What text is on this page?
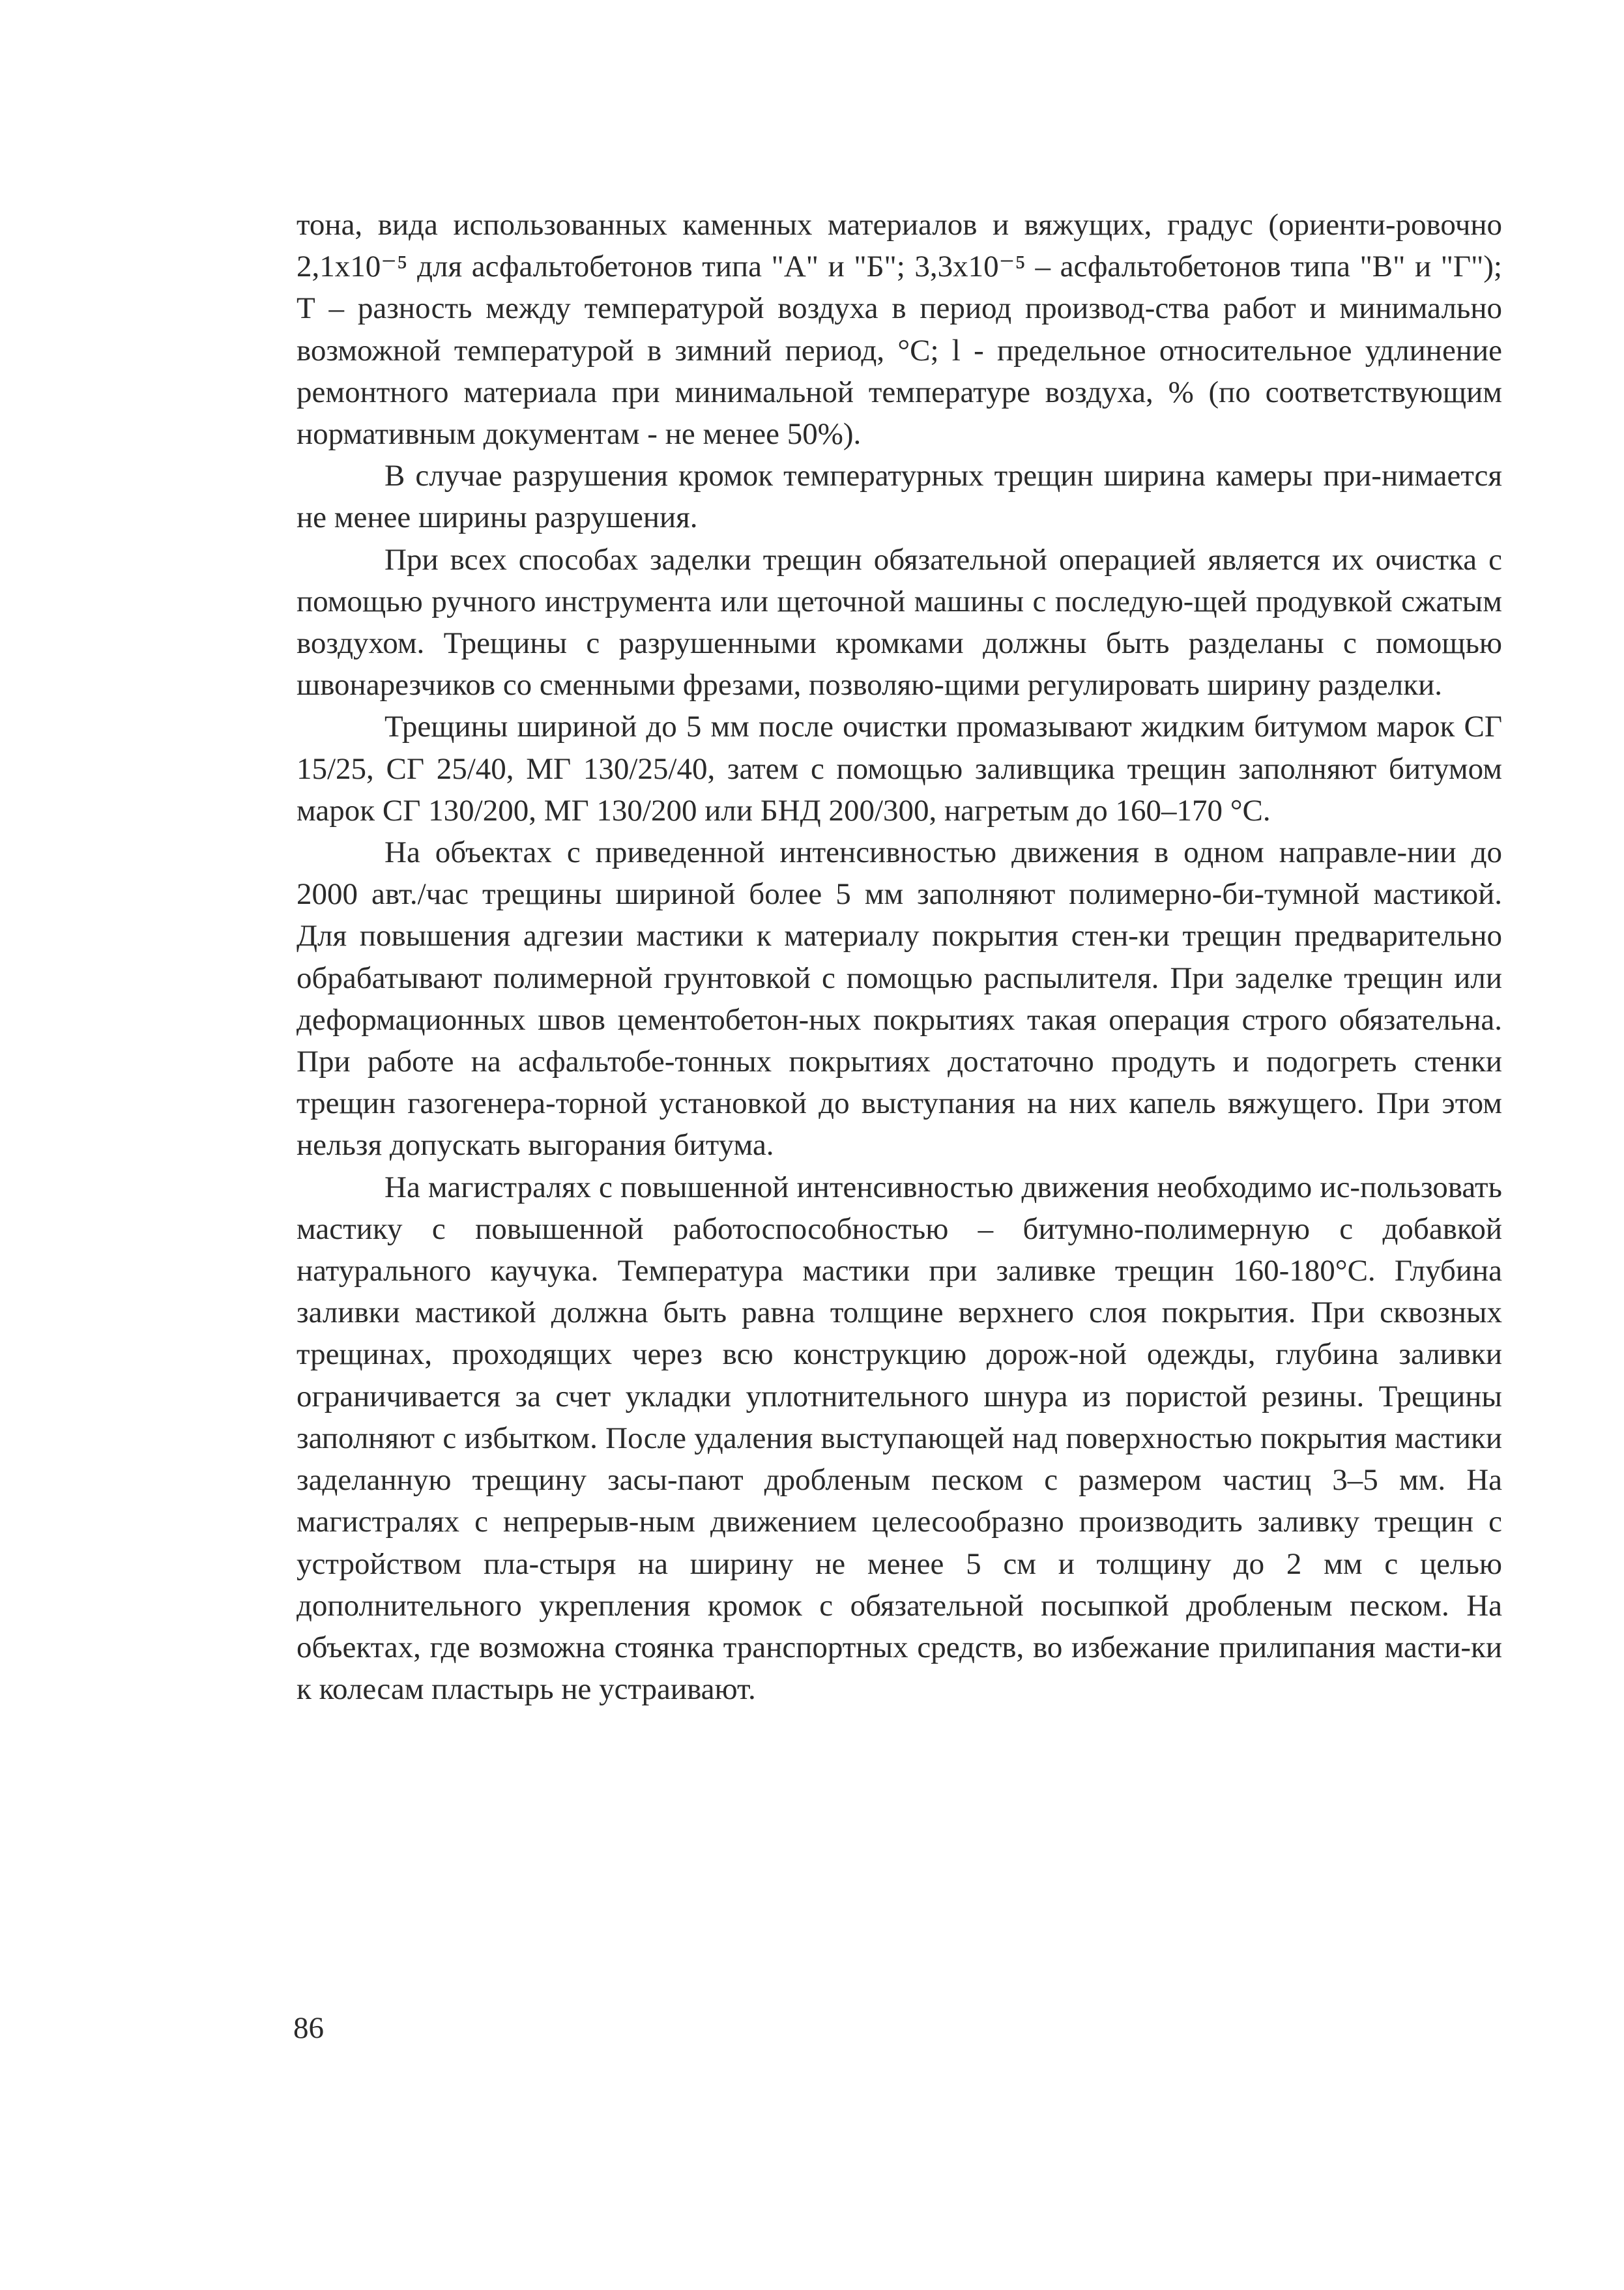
тона, вида использованных каменных материалов и вяжущих, градус (ориенти-ровочно 2,1х10⁻⁵ для асфальтобетонов типа "А" и "Б"; 3,3х10⁻⁵ – асфальтобетонов типа "В" и "Г"); Т – разность между температурой воздуха в период производ-ства работ и минимально возможной температурой в зимний период, °С; l - предельное относительное удлинение ремонтного материала при минимальной температуре воздуха, % (по соответствующим нормативным документам - не менее 50%).

В случае разрушения кромок температурных трещин ширина камеры при-нимается не менее ширины разрушения.

При всех способах заделки трещин обязательной операцией является их очистка с помощью ручного инструмента или щеточной машины с последую-щей продувкой сжатым воздухом. Трещины с разрушенными кромками должны быть разделаны с помощью швонарезчиков со сменными фрезами, позволяю-щими регулировать ширину разделки.

Трещины шириной до 5 мм после очистки промазывают жидким битумом марок СГ 15/25, СГ 25/40, МГ 130/25/40, затем с помощью заливщика трещин заполняют битумом марок СГ 130/200, МГ 130/200 или БНД 200/300, нагретым до 160–170 °С.

На объектах с приведенной интенсивностью движения в одном направле-нии до 2000 авт./час трещины шириной более 5 мм заполняют полимерно-би-тумной мастикой. Для повышения адгезии мастики к материалу покрытия стен-ки трещин предварительно обрабатывают полимерной грунтовкой с помощью распылителя. При заделке трещин или деформационных швов цементобетон-ных покрытиях такая операция строго обязательна. При работе на асфальтобе-тонных покрытиях достаточно продуть и подогреть стенки трещин газогенера-торной установкой до выступания на них капель вяжущего. При этом нельзя допускать выгорания битума.

На магистралях с повышенной интенсивностью движения необходимо ис-пользовать мастику с повышенной работоспособностью – битумно-полимерную с добавкой натурального каучука. Температура мастики при заливке трещин 160-180°С. Глубина заливки мастикой должна быть равна толщине верхнего слоя покрытия. При сквозных трещинах, проходящих через всю конструкцию дорож-ной одежды, глубина заливки ограничивается за счет укладки уплотнительного шнура из пористой резины. Трещины заполняют с избытком. После удаления выступающей над поверхностью покрытия мастики заделанную трещину засы-пают дробленым песком с размером частиц 3–5 мм. На магистралях с непрерыв-ным движением целесообразно производить заливку трещин с устройством пла-стыря на ширину не менее 5 см и толщину до 2 мм с целью дополнительного укрепления кромок с обязательной посыпкой дробленым песком. На объектах, где возможна стоянка транспортных средств, во избежание прилипания масти-ки к колесам пластырь не устраивают.

86
